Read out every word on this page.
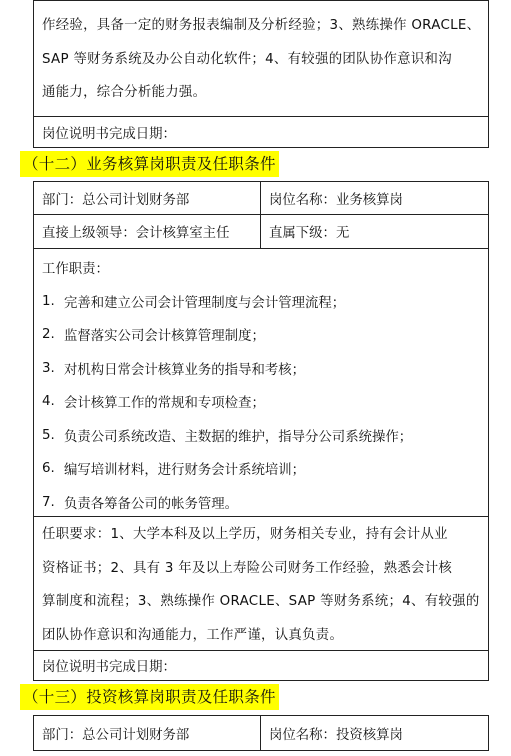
作经验，具备一定的财务报表编制及分析经验；3、熟练操作 ORACLE、
SAP 等财务系统及办公自动化软件；4、有较强的团队协作意识和沟
通能力，综合分析能力强。
岗位说明书完成日期：
（十二）业务核算岗职责及任职条件
部门：总公司计划财务部	岗位名称：业务核算岗
直接上级领导：会计核算室主任	直属下级：无
工作职责：
1. 完善和建立公司会计管理制度与会计管理流程；
2. 监督落实公司会计核算管理制度；
3. 对机构日常会计核算业务的指导和考核；
4. 会计核算工作的常规和专项检查；
5. 负责公司系统改造、主数据的维护，指导分公司系统操作；
6. 编写培训材料，进行财务会计系统培训；
7. 负责各筹备公司的帐务管理。
任职要求：1、大学本科及以上学历，财务相关专业，持有会计从业
资格证书；2、具有 3 年及以上寿险公司财务工作经验，熟悉会计核
算制度和流程；3、熟练操作 ORACLE、SAP 等财务系统；4、有较强的
团队协作意识和沟通能力，工作严谨，认真负责。
岗位说明书完成日期：
（十三）投资核算岗职责及任职条件
部门：总公司计划财务部	岗位名称：投资核算岗
